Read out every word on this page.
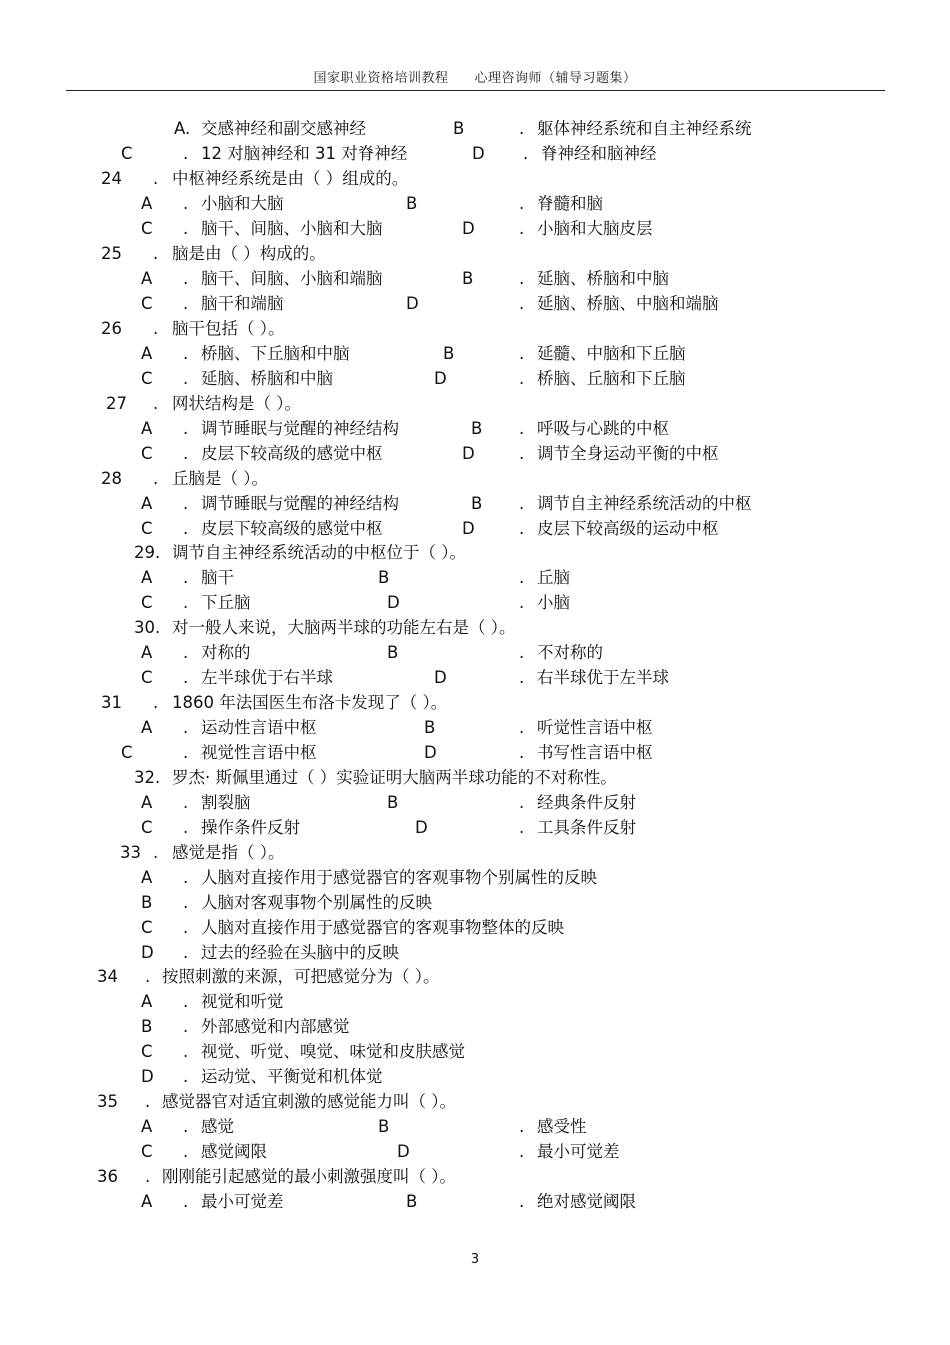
国家职业资格培训教程 心理咨询师（辅导习题集）
A. 交感神经和副交感神经	B	. 躯体神经系统和自主神经系统
C	. 12 对脑神经和 31 对脊神经	D . 脊神经和脑神经
24 . 中枢神经系统是由（ ）组成的。
A . 小脑和大脑	B	. 脊髓和脑
C . 脑干、间脑、小脑和大脑	D	. 小脑和大脑皮层
25 . 脑是由（ ）构成的。
A . 脑干、间脑、小脑和端脑	B	. 延脑、桥脑和中脑
C . 脑干和端脑	D	. 延脑、桥脑、中脑和端脑
26 . 脑干包括（ ）。
A . 桥脑、下丘脑和中脑	B	. 延髓、中脑和下丘脑
C . 延脑、桥脑和中脑	D	. 桥脑、丘脑和下丘脑
27 . 网状结构是（ ）。
A . 调节睡眠与觉醒的神经结构	B . 呼吸与心跳的中枢
C . 皮层下较高级的感觉中枢	D	. 调节全身运动平衡的中枢
28 . 丘脑是（ ）。
A . 调节睡眠与觉醒的神经结构	B . 调节自主神经系统活动的中枢
C . 皮层下较高级的感觉中枢	D	. 皮层下较高级的运动中枢
29. 调节自主神经系统活动的中枢位于（ ）。
A . 脑干	B	. 丘脑
C . 下丘脑	D	. 小脑
30. 对一般人来说，大脑两半球的功能左右是（ ）。
A . 对称的	B	. 不对称的
C . 左半球优于右半球	D	. 右半球优于左半球
31 . 1860 年法国医生布洛卡发现了（ ）。
A . 运动性言语中枢	B	. 听觉性言语中枢
C	. 视觉性言语中枢	D	. 书写性言语中枢
32. 罗杰· 斯佩里通过（ ）实验证明大脑两半球功能的不对称性。
A . 割裂脑	B	. 经典条件反射
C . 操作条件反射	D	. 工具条件反射
33 . 感觉是指（ ）。
A . 人脑对直接作用于感觉器官的客观事物个别属性的反映
B . 人脑对客观事物个别属性的反映
C . 人脑对直接作用于感觉器官的客观事物整体的反映
D . 过去的经验在头脑中的反映
34 . 按照刺激的来源，可把感觉分为（ ）。
A . 视觉和听觉
B . 外部感觉和内部感觉
C . 视觉、听觉、嗅觉、味觉和皮肤感觉
D . 运动觉、平衡觉和机体觉
35 . 感觉器官对适宜刺激的感觉能力叫（ ）。
A . 感觉	B	. 感受性
C . 感觉阈限	D	. 最小可觉差
36 . 刚刚能引起感觉的最小刺激强度叫（ ）。
A . 最小可觉差	B	. 绝对感觉阈限
3
